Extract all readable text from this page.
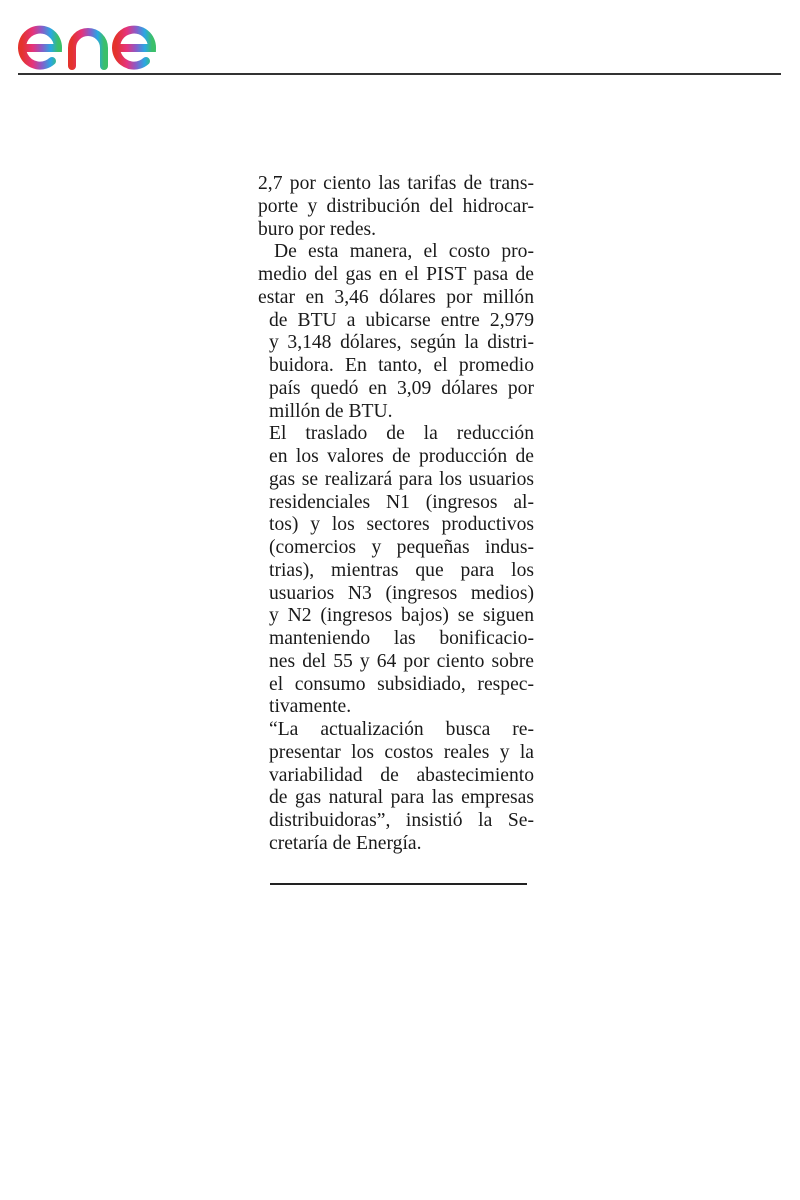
2,7 por ciento las tarifas de trans-
porte y distribución del hidrocar-
buro por redes.
De esta manera, el costo pro-
medio del gas en el PIST pasa de
estar en 3,46 dólares por millón
de BTU a ubicarse entre 2,979
y 3,148 dólares, según la distri-
buidora. En tanto, el promedio
país quedó en 3,09 dólares por
millón de BTU.
El traslado de la reducción
en los valores de producción de
gas se realizará para los usuarios
residenciales N1 (ingresos al-
tos) y los sectores productivos
(comercios y pequeñas indus-
trias), mientras que para los
usuarios N3 (ingresos medios)
y N2 (ingresos bajos) se siguen
manteniendo las bonificacio-
nes del 55 y 64 por ciento sobre
el consumo subsidiado, respec-
tivamente.
“La actualización busca re-
presentar los costos reales y la
variabilidad de abastecimiento
de gas natural para las empresas
distribuidoras”, insistió la Se-
cretaría de Energía.
